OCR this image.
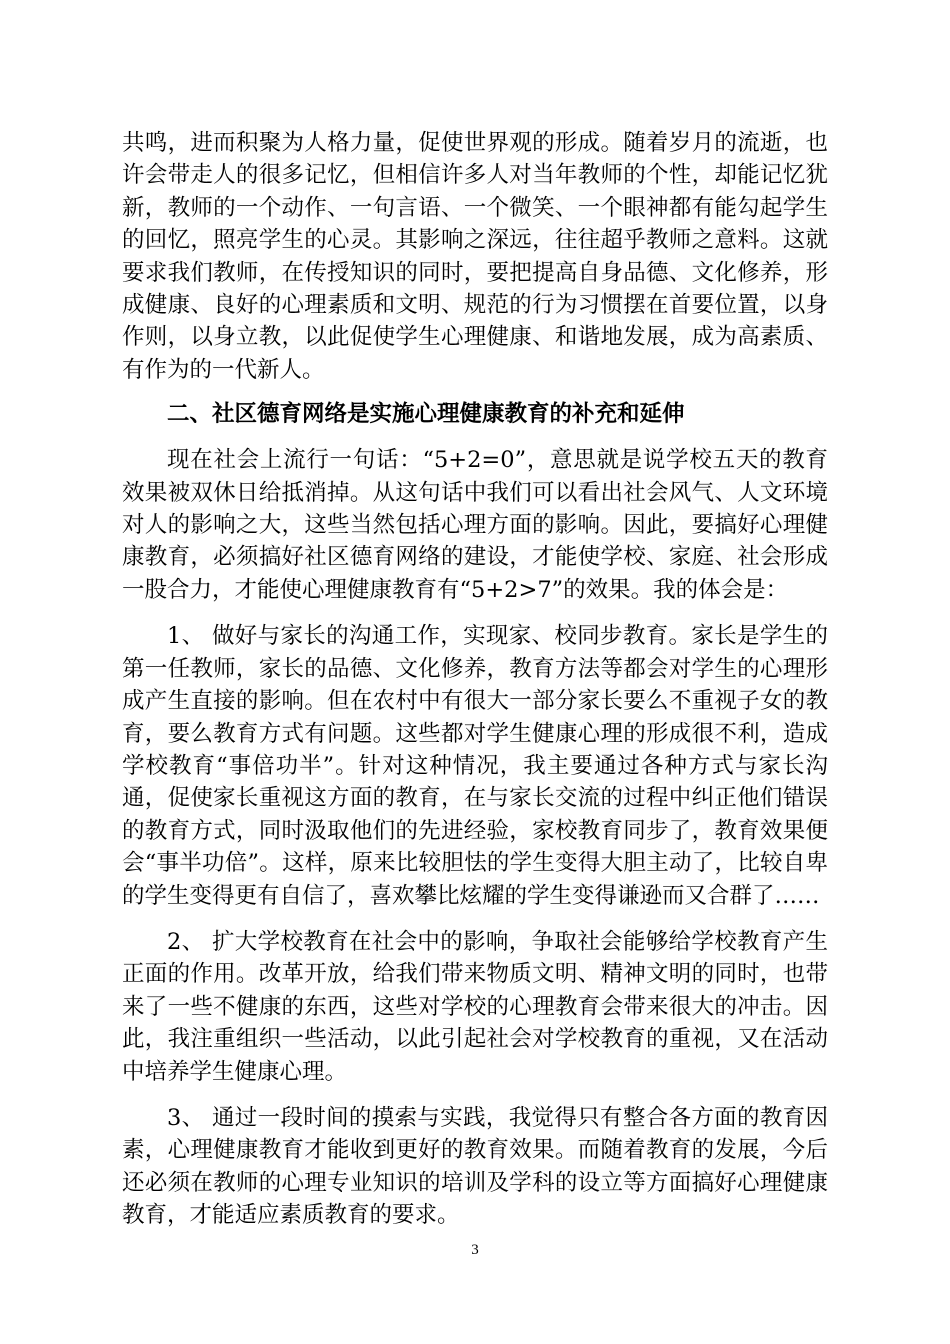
共鸣，进而积聚为人格力量，促使世界观的形成。随着岁月的流逝，也许会带走人的很多记忆，但相信许多人对当年教师的个性，却能记忆犹新，教师的一个动作、一句言语、一个微笑、一个眼神都有能勾起学生的回忆，照亮学生的心灵。其影响之深远，往往超乎教师之意料。这就要求我们教师，在传授知识的同时，要把提高自身品德、文化修养，形成健康、良好的心理素质和文明、规范的行为习惯摆在首要位置，以身作则，以身立教，以此促使学生心理健康、和谐地发展，成为高素质、有作为的一代新人。

二、社区德育网络是实施心理健康教育的补充和延伸

现在社会上流行一句话：“5+2=0”，意思就是说学校五天的教育效果被双休日给抵消掉。从这句话中我们可以看出社会风气、人文环境对人的影响之大，这些当然包括心理方面的影响。因此，要搞好心理健康教育，必须搞好社区德育网络的建设，才能使学校、家庭、社会形成一股合力，才能使心理健康教育有“5+2>7”的效果。我的体会是：

1、 做好与家长的沟通工作，实现家、校同步教育。家长是学生的第一任教师，家长的品德、文化修养，教育方法等都会对学生的心理形成产生直接的影响。但在农村中有很大一部分家长要么不重视子女的教育，要么教育方式有问题。这些都对学生健康心理的形成很不利，造成学校教育“事倍功半”。针对这种情况，我主要通过各种方式与家长沟通，促使家长重视这方面的教育，在与家长交流的过程中纠正他们错误的教育方式，同时汲取他们的先进经验，家校教育同步了，教育效果便会“事半功倍”。这样，原来比较胆怯的学生变得大胆主动了，比较自卑的学生变得更有自信了，喜欢攀比炫耀的学生变得谦逊而又合群了……

2、 扩大学校教育在社会中的影响，争取社会能够给学校教育产生正面的作用。改革开放，给我们带来物质文明、精神文明的同时，也带来了一些不健康的东西，这些对学校的心理教育会带来很大的冲击。因此，我注重组织一些活动，以此引起社会对学校教育的重视，又在活动中培养学生健康心理。

3、 通过一段时间的摸索与实践，我觉得只有整合各方面的教育因素，心理健康教育才能收到更好的教育效果。而随着教育的发展，今后还必须在教师的心理专业知识的培训及学科的设立等方面搞好心理健康教育，才能适应素质教育的要求。

3
